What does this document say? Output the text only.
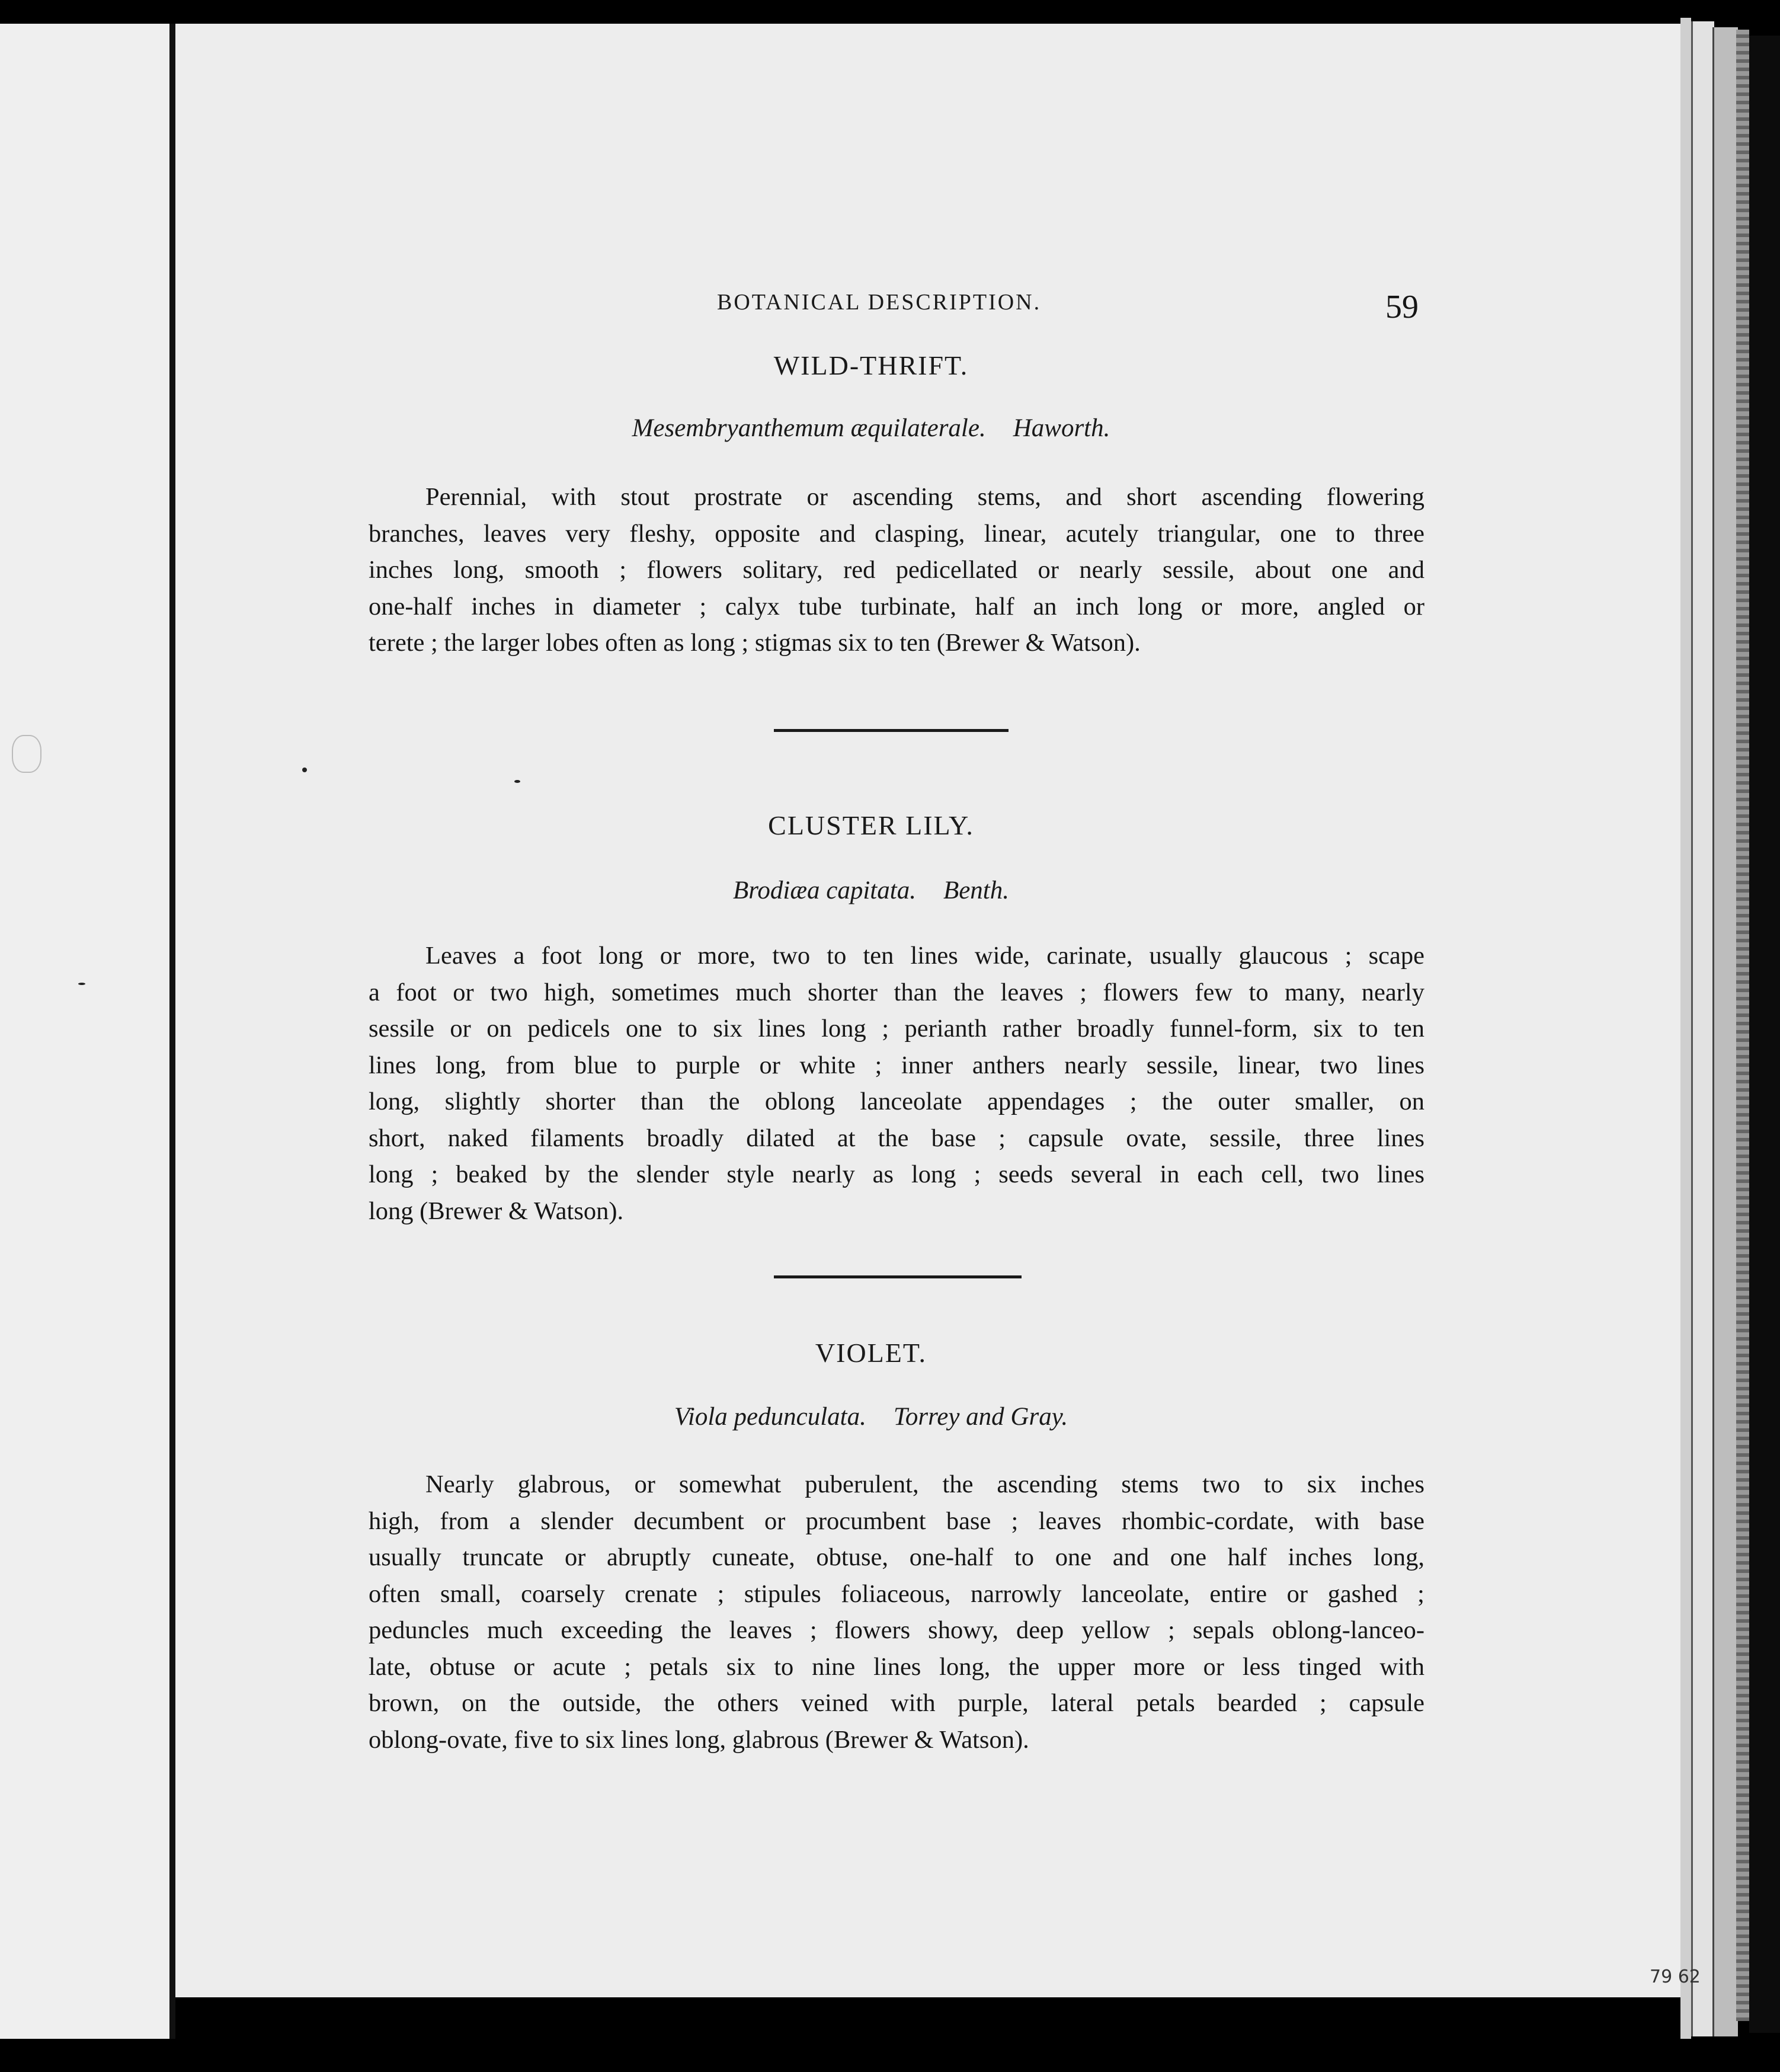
BOTANICAL DESCRIPTION.	59
WILD-THRIFT.
Mesembryanthemum æquilaterale. Haworth.
Perennial, with stout prostrate or ascending stems, and short ascending flowering
branches, leaves very fleshy, opposite and clasping, linear, acutely triangular, one to three
inches long, smooth ; flowers solitary, red pedicellated or nearly sessile, about one and
one-half inches in diameter ; calyx tube turbinate, half an inch long or more, angled or
terete ; the larger lobes often as long ; stigmas six to ten (Brewer & Watson).
CLUSTER LILY.
Brodiæa capitata. Benth.
Leaves a foot long or more, two to ten lines wide, carinate, usually glaucous ; scape
a foot or two high, sometimes much shorter than the leaves ; flowers few to many, nearly
sessile or on pedicels one to six lines long ; perianth rather broadly funnel-form, six to ten
lines long, from blue to purple or white ; inner anthers nearly sessile, linear, two lines
long, slightly shorter than the oblong lanceolate appendages ; the outer smaller, on
short, naked filaments broadly dilated at the base ; capsule ovate, sessile, three lines
long ; beaked by the slender style nearly as long ; seeds several in each cell, two lines
long (Brewer & Watson).
VIOLET.
Viola pedunculata. Torrey and Gray.
Nearly glabrous, or somewhat puberulent, the ascending stems two to six inches
high, from a slender decumbent or procumbent base ; leaves rhombic-cordate, with base
usually truncate or abruptly cuneate, obtuse, one-half to one and one half inches long,
often small, coarsely crenate ; stipules foliaceous, narrowly lanceolate, entire or gashed ;
peduncles much exceeding the leaves ; flowers showy, deep yellow ; sepals oblong-lanceo-
late, obtuse or acute ; petals six to nine lines long, the upper more or less tinged with
brown, on the outside, the others veined with purple, lateral petals bearded ; capsule
oblong-ovate, five to six lines long, glabrous (Brewer & Watson).
79 62
